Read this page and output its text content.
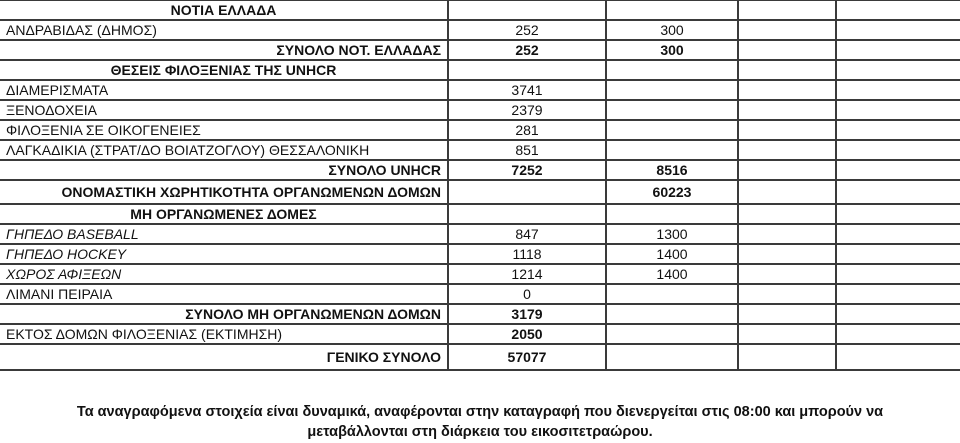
ΝΟΤΙΑ ΕΛΛΑΔΑ				
ΑΝΔΡΑΒΙΔΑΣ (ΔΗΜΟΣ)	252	300		
ΣΥΝΟΛΟ ΝΟΤ. ΕΛΛΑΔΑΣ	252	300		
ΘΕΣΕΙΣ ΦΙΛΟΞΕΝΙΑΣ ΤΗΣ UNHCR				
ΔΙΑΜΕΡΙΣΜΑΤΑ	3741			
ΞΕΝΟΔΟΧΕΙΑ	2379			
ΦΙΛΟΞΕΝΙΑ ΣΕ ΟΙΚΟΓΕΝΕΙΕΣ	281			
ΛΑΓΚΑΔΙΚΙΑ (ΣΤΡΑΤ/ΔΟ ΒΟΙΑΤΖΟΓΛΟΥ) ΘΕΣΣΑΛΟΝΙΚΗ	851			
ΣΥΝΟΛΟ UNHCR	7252	8516		
ΟΝΟΜΑΣΤΙΚΗ ΧΩΡΗΤΙΚΟΤΗΤΑ ΟΡΓΑΝΩΜΕΝΩΝ ΔΟΜΩΝ		60223		
ΜΗ ΟΡΓΑΝΩΜΕΝΕΣ ΔΟΜΕΣ				
ΓΗΠΕΔΟ BASEBALL	847	1300		
ΓΗΠΕΔΟ HOCKEY	1118	1400		
ΧΩΡΟΣ ΑΦΙΞΕΩΝ	1214	1400		
ΛΙΜΑΝΙ ΠΕΙΡΑΙΑ	0			
ΣΥΝΟΛΟ ΜΗ ΟΡΓΑΝΩΜΕΝΩΝ ΔΟΜΩΝ	3179			
ΕΚΤΟΣ ΔΟΜΩΝ ΦΙΛΟΞΕΝΙΑΣ (ΕΚΤΙΜΗΣΗ)	2050			
ΓΕΝΙΚΟ ΣΥΝΟΛΟ	57077			
Τα αναγραφόμενα στοιχεία είναι δυναμικά, αναφέρονται στην καταγραφή που διενεργείται στις 08:00 και μπορούν να
μεταβάλλονται στη διάρκεια του εικοσιτετραώρου.
